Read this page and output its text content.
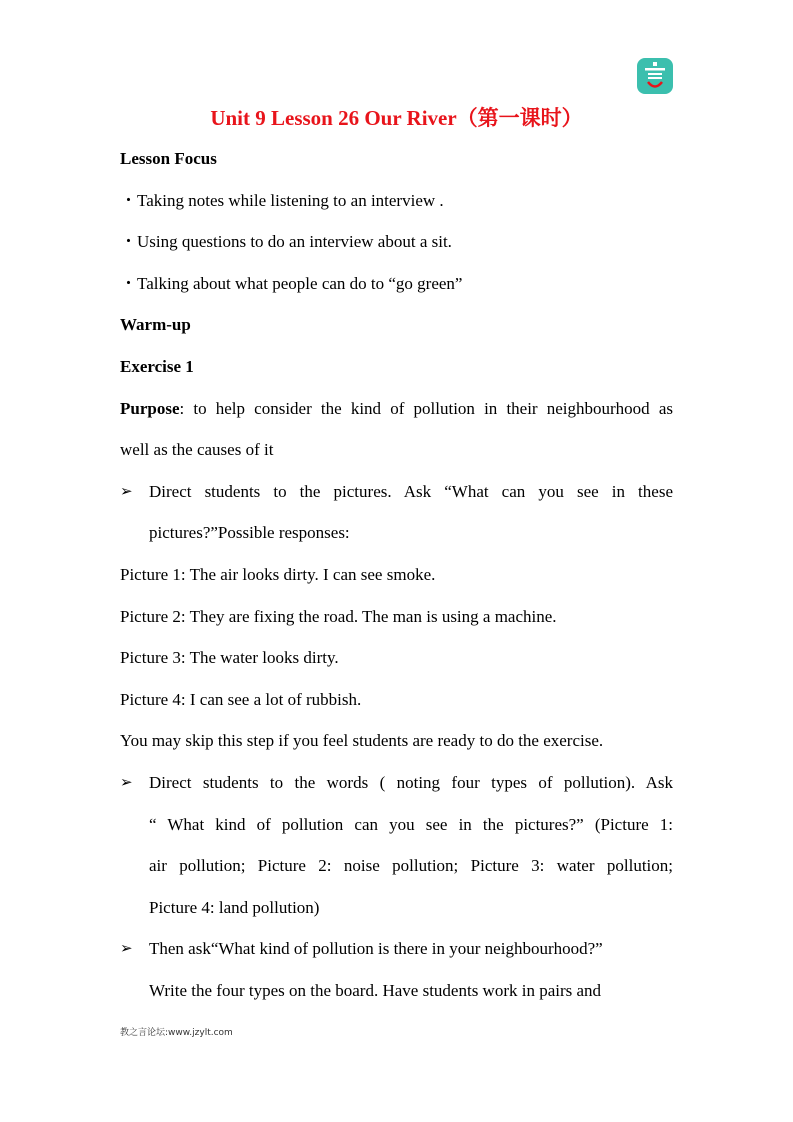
Unit 9 Lesson 26 Our River（第一课时）
Lesson Focus
・Taking notes while listening to an interview .
・Using questions to do an interview about a sit.
・Talking about what people can do to “go green”
Warm-up
Exercise 1
Purpose: to help consider the kind of pollution in their neighbourhood as
well as the causes of it
➢ Direct students to the pictures. Ask “What can you see in these
pictures?”Possible responses:
Picture 1: The air looks dirty. I can see smoke.
Picture 2: They are fixing the road. The man is using a machine.
Picture 3: The water looks dirty.
Picture 4: I can see a lot of rubbish.
You may skip this step if you feel students are ready to do the exercise.
➢ Direct students to the words ( noting four types of pollution). Ask
“ What kind of pollution can you see in the pictures?” (Picture 1:
air pollution; Picture 2: noise pollution; Picture 3: water pollution;
Picture 4: land pollution)
➢ Then ask“What kind of pollution is there in your neighbourhood?”
Write the four types on the board. Have students work in pairs and
教之言论坛:www.jzylt.com
